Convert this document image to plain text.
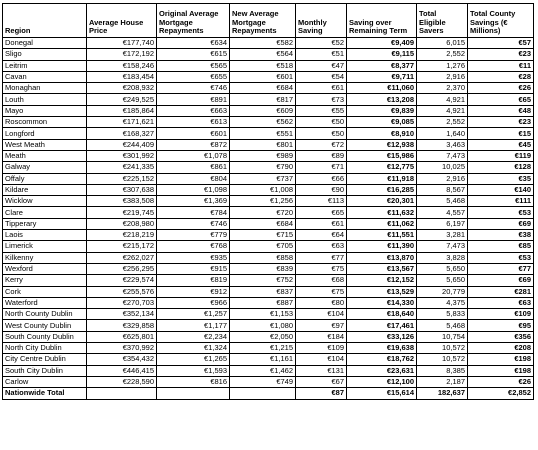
Region	Average House Price	Original Average Mortgage Repayments	New Average Mortgage Repayments	Monthly Saving	Saving over Remaining Term	Total Eligible Savers	Total County Savings (€ Millions)
Donegal	€177,740	€634	€582	€52	€9,409	6,015	€57
Sligo	€172,192	€615	€564	€51	€9,115	2,552	€23
Leitrim	€158,246	€565	€518	€47	€8,377	1,276	€11
Cavan	€183,454	€655	€601	€54	€9,711	2,916	€28
Monaghan	€208,932	€746	€684	€61	€11,060	2,370	€26
Louth	€249,525	€891	€817	€73	€13,208	4,921	€65
Mayo	€185,864	€663	€609	€55	€9,839	4,921	€48
Roscommon	€171,621	€613	€562	€50	€9,085	2,552	€23
Longford	€168,327	€601	€551	€50	€8,910	1,640	€15
West Meath	€244,409	€872	€801	€72	€12,938	3,463	€45
Meath	€301,992	€1,078	€989	€89	€15,986	7,473	€119
Galway	€241,335	€861	€790	€71	€12,775	10,025	€128
Offaly	€225,152	€804	€737	€66	€11,918	2,916	€35
Kildare	€307,638	€1,098	€1,008	€90	€16,285	8,567	€140
Wicklow	€383,508	€1,369	€1,256	€113	€20,301	5,468	€111
Clare	€219,745	€784	€720	€65	€11,632	4,557	€53
Tipperary	€208,980	€746	€684	€61	€11,062	6,197	€69
Laois	€218,219	€779	€715	€64	€11,551	3,281	€38
Limerick	€215,172	€768	€705	€63	€11,390	7,473	€85
Kilkenny	€262,027	€935	€858	€77	€13,870	3,828	€53
Wexford	€256,295	€915	€839	€75	€13,567	5,650	€77
Kerry	€229,574	€819	€752	€68	€12,152	5,650	€69
Cork	€255,576	€912	€837	€75	€13,529	20,779	€281
Waterford	€270,703	€966	€887	€80	€14,330	4,375	€63
North County Dublin	€352,134	€1,257	€1,153	€104	€18,640	5,833	€109
West County Dublin	€329,858	€1,177	€1,080	€97	€17,461	5,468	€95
South County Dublin	€625,801	€2,234	€2,050	€184	€33,126	10,754	€356
North City Dublin	€370,992	€1,324	€1,215	€109	€19,638	10,572	€208
City Centre Dublin	€354,432	€1,265	€1,161	€104	€18,762	10,572	€198
South City Dublin	€446,415	€1,593	€1,462	€131	€23,631	8,385	€198
Carlow	€228,590	€816	€749	€67	€12,100	2,187	€26
Nationwide Total				€87	€15,614	182,637	€2,852
